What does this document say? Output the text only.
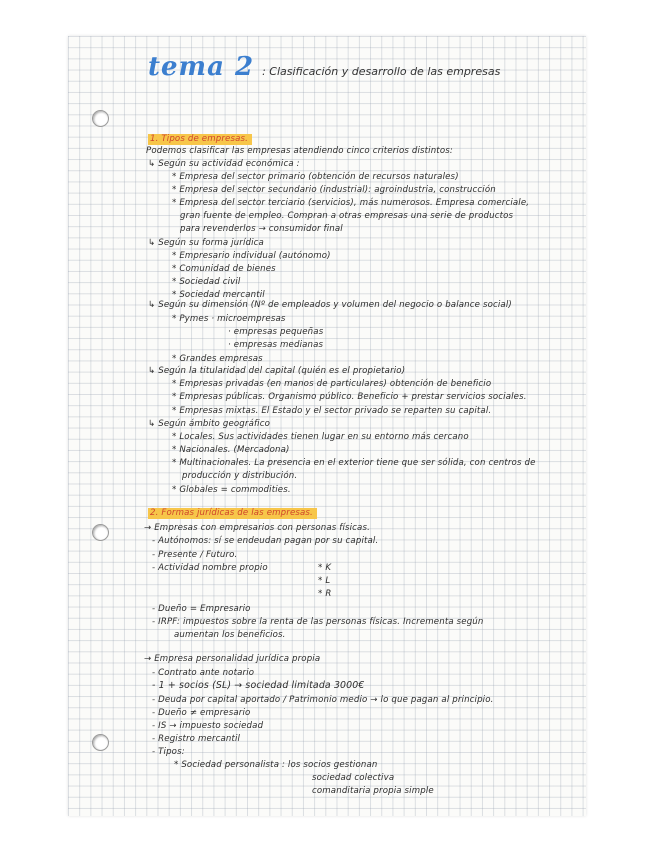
tema 2 : Clasificación y desarrollo de las empresas
1. Tipos de empresas.
Podemos clasificar las empresas atendiendo cinco criterios distintos:
↳ Según su actividad económica :
* Empresa del sector primario (obtención de recursos naturales)
* Empresa del sector secundario (industrial): agroindustria, construcción
* Empresa del sector terciario (servicios), más numerosos. Empresa comerciale,
gran fuente de empleo. Compran a otras empresas una serie de productos
para revenderlos → consumidor final
↳ Según su forma jurídica
* Empresario individual (autónomo)
* Comunidad de bienes
* Sociedad civil
* Sociedad mercantil
↳ Según su dimensión (Nº de empleados y volumen del negocio o balance social)
* Pymes · microempresas
· empresas pequeñas
· empresas medianas
* Grandes empresas
↳ Según la titularidad del capital (quién es el propietario)
* Empresas privadas (en manos de particulares) obtención de beneficio
* Empresas públicas. Organismo público. Beneficio + prestar servicios sociales.
* Empresas mixtas. El Estado y el sector privado se reparten su capital.
↳ Según ámbito geográfico
* Locales. Sus actividades tienen lugar en su entorno más cercano
* Nacionales. (Mercadona)
* Multinacionales. La presencia en el exterior tiene que ser sólida, con centros de
producción y distribución.
* Globales = commodities.
2. Formas jurídicas de las empresas.
→ Empresas con empresarios con personas físicas.
- Autónomos: sí se endeudan pagan por su capital.
- Presente / Futuro.
- Actividad nombre propio	* K
* L
* R
- Dueño = Empresario
- IRPF: impuestos sobre la renta de las personas físicas. Incrementa según
aumentan los beneficios.
→ Empresa personalidad jurídica propia
- Contrato ante notario
- 1 + socios (SL) → sociedad limitada 3000€
- Deuda por capital aportado / Patrimonio medio → lo que pagan al principio.
- Dueño ≠ empresario
- IS → impuesto sociedad
- Registro mercantil
- Tipos:
* Sociedad personalista : los socios gestionan
sociedad colectiva
comanditaria propia simple
